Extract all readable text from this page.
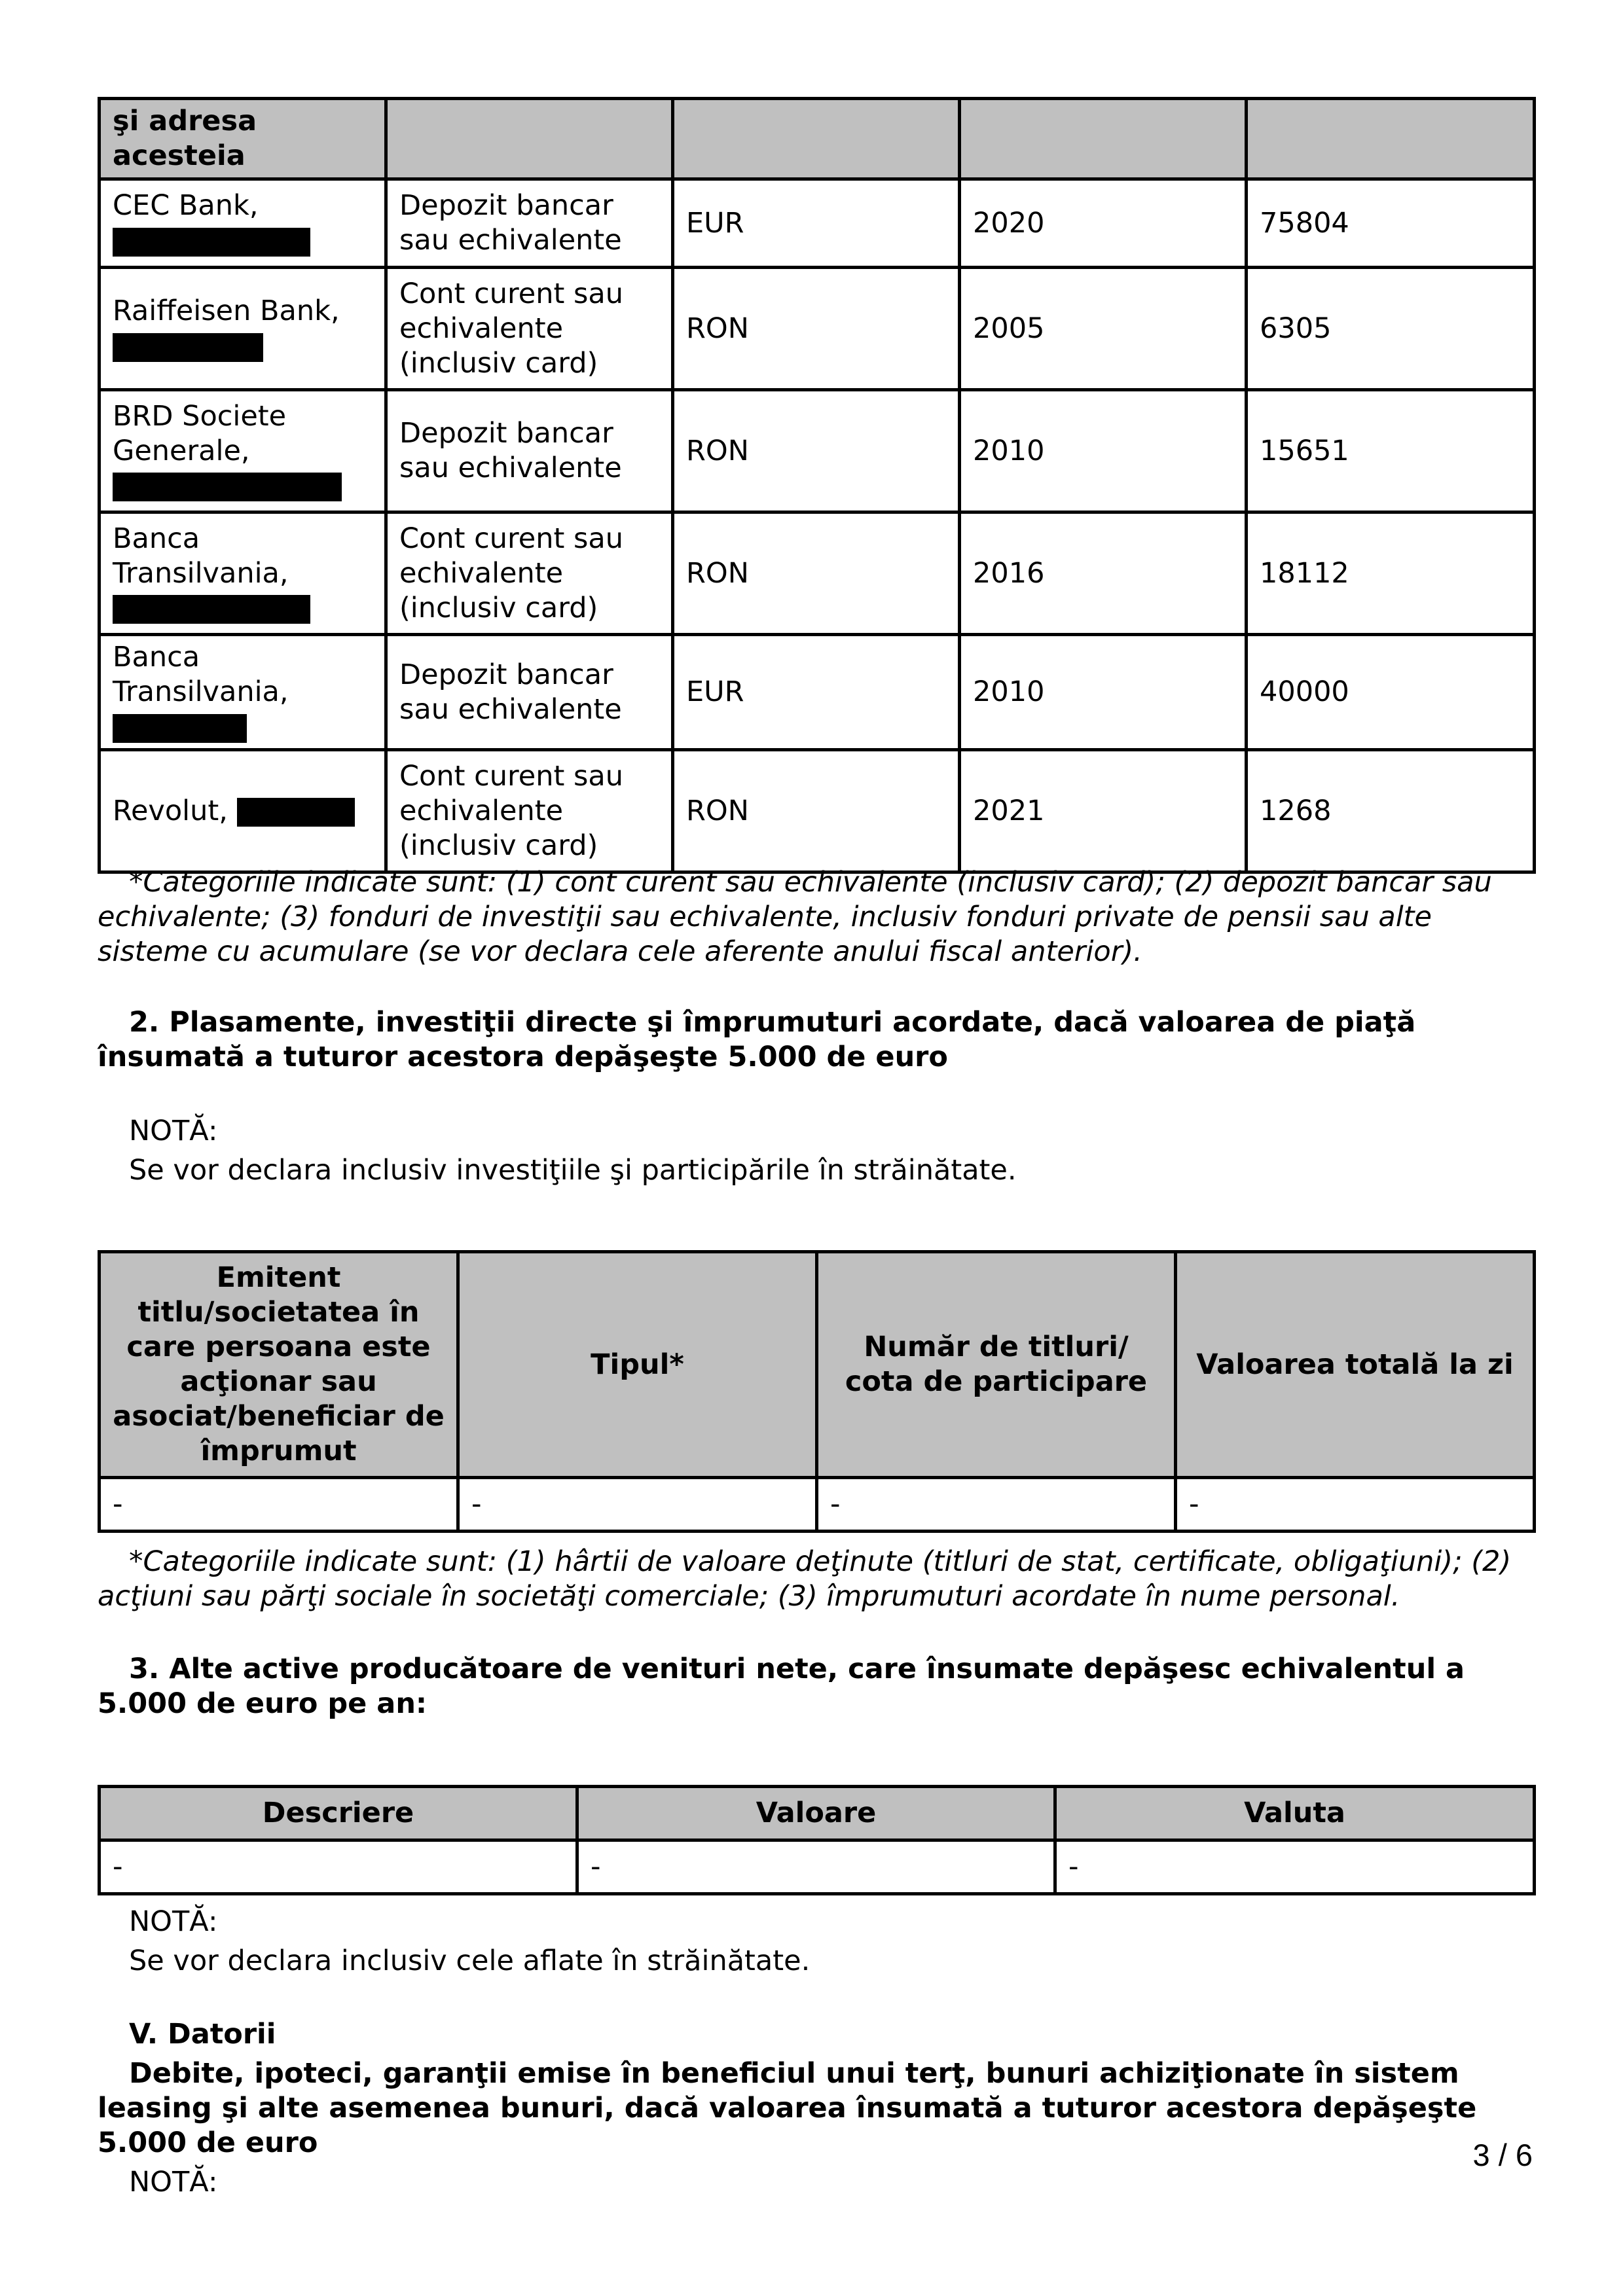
şi adresa acesteia				
CEC Bank,	Depozit bancar sau echivalente	EUR	2020	75804
Raiffeisen Bank,	Cont curent sau echivalente (inclusiv card)	RON	2005	6305
BRD Societe Generale,	Depozit bancar sau echivalente	RON	2010	15651
Banca Transilvania,	Cont curent sau echivalente (inclusiv card)	RON	2016	18112
Banca Transilvania,	Depozit bancar sau echivalente	EUR	2010	40000
Revolut,	Cont curent sau echivalente (inclusiv card)	RON	2021	1268

*Categoriile indicate sunt: (1) cont curent sau echivalente (inclusiv card); (2) depozit bancar sau echivalente; (3) fonduri de investiţii sau echivalente, inclusiv fonduri private de pensii sau alte sisteme cu acumulare (se vor declara cele aferente anului fiscal anterior).

2. Plasamente, investiţii directe şi împrumuturi acordate, dacă valoarea de piaţă însumată a tuturor acestora depăşeşte 5.000 de euro

NOTĂ:

Se vor declara inclusiv investiţiile şi participările în străinătate.

Emitent titlu/societatea în care persoana este acţionar sau asociat/beneficiar de împrumut	Tipul*	Număr de titluri/ cota de participare	Valoarea totală la zi
-	-	-	-

*Categoriile indicate sunt: (1) hârtii de valoare deţinute (titluri de stat, certificate, obligaţiuni); (2) acţiuni sau părţi sociale în societăţi comerciale; (3) împrumuturi acordate în nume personal.

3. Alte active producătoare de venituri nete, care însumate depăşesc echivalentul a 5.000 de euro pe an:

Descriere	Valoare	Valuta
-	-	-

NOTĂ:

Se vor declara inclusiv cele aflate în străinătate.

V. Datorii

Debite, ipoteci, garanţii emise în beneficiul unui terţ, bunuri achiziţionate în sistem leasing şi alte asemenea bunuri, dacă valoarea însumată a tuturor acestora depăşeşte 5.000 de euro

NOTĂ:

3 / 6
